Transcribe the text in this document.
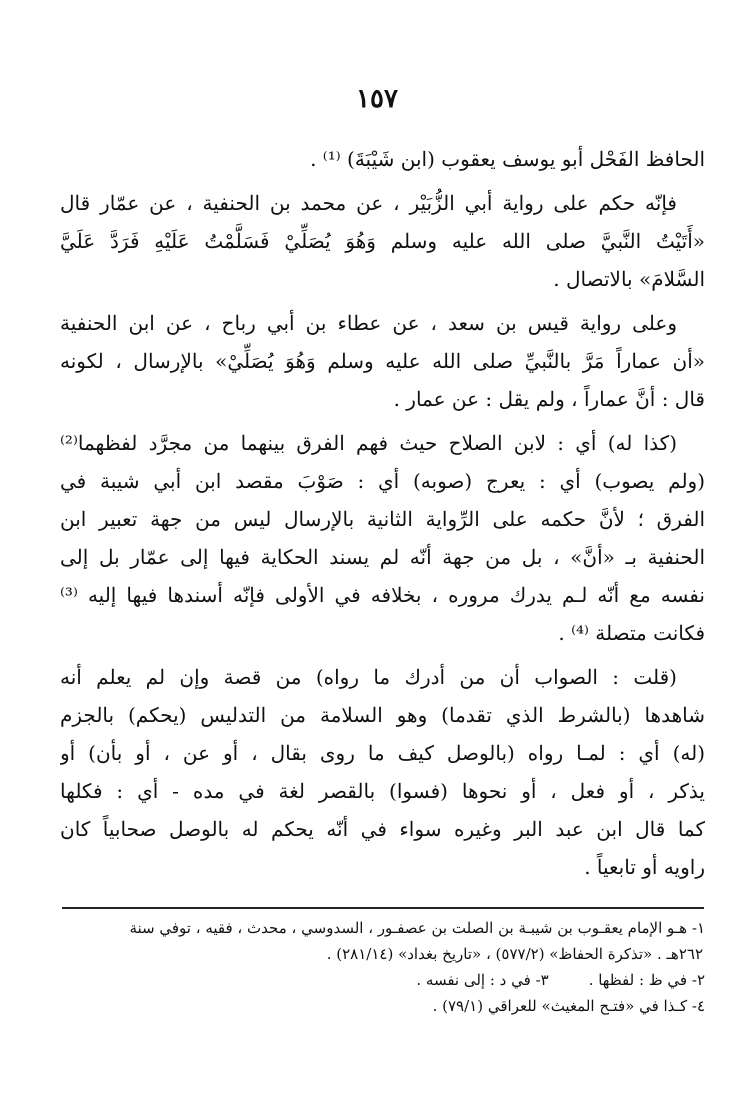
١٥٧
الحافظ الفَحْل أبو يوسف يعقوب (ابن شَيْبَةَ) ⁽¹⁾ .
فإنّه حكم على رواية أبي الزُّبَيْر ، عن محمد بن الحنفية ، عن عمّار قال
«أَتَيْتُ النَّبيَّ صلى الله عليه وسلم وَهُوَ يُصَلِّيْ فَسَلَّمْتُ عَلَيْهِ فَرَدَّ عَلَيَّ
السَّلامَ» بالاتصال .
وعلى رواية قيس بن سعد ، عن عطاء بن أبي رباح ، عن ابن الحنفية
«أن عماراً مَرَّ بالنَّبيِّ صلى الله عليه وسلم وَهُوَ يُصَلِّيْ» بالإرسال ، لكونه
قال : أنَّ عماراً ، ولم يقل : عن عمار .
(كذا له) أي : لابن الصلاح حيث فهم الفرق بينهما من مجرَّد لفظهما⁽²⁾
(ولم يصوب) أي : يعرج (صوبه) أي : صَوْبَ مقصد ابن أبي شيبة في
الفرق ؛ لأنَّ حكمه على الرِّواية الثانية بالإرسال ليس من جهة تعبير ابن
الحنفية بـ «أنَّ» ، بل من جهة أنّه لم يسند الحكاية فيها إلى عمّار بل إلى
نفسه مع أنّه لـم يدرك مروره ، بخلافه في الأولى فإنّه أسندها فيها إليه ⁽³⁾
فكانت متصلة ⁽⁴⁾ .
(قلت : الصواب أن من أدرك ما رواه) من قصة وإن لم يعلم أنه
شاهدها (بالشرط الذي تقدما) وهو السلامة من التدليس (يحكم) بالجزم
(له) أي : لمـا رواه (بالوصل كيف ما روى بقال ، أو عن ، أو بأن) أو
يذكر ، أو فعل ، أو نحوها (فسوا) بالقصر لغة في مده - أي : فكلها
كما قال ابن عبد البر وغيره سواء في أنّه يحكم له بالوصل صحابياً كان
راويه أو تابعياً .
١- هـو الإمام يعقـوب بن شيبـة بن الصلت بن عصفـور ، السدوسي ، محدث ، فقيه ، توفي سنة
٢٦٢هـ . «تذكرة الحفاظ» (٥٧٧/٢) ، «تاريخ بغداد» (٢٨١/١٤) .
٢- في ظ : لفظها .
٣- في د : إلى نفسه .
٤- كـذا في «فتـح المغيث» للعراقي (٧٩/١) .
